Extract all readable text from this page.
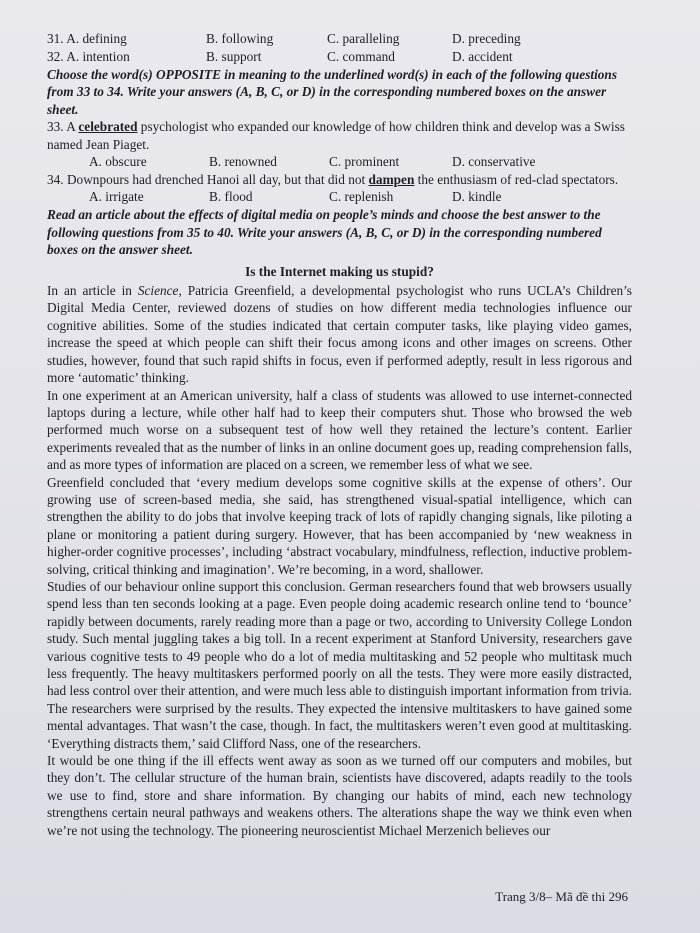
31. A. defining	B. following	C. paralleling	D. preceding
32. A. intention	B. support	C. command	D. accident

Choose the word(s) OPPOSITE in meaning to the underlined word(s) in each of the following questions from 33 to 34. Write your answers (A, B, C, or D) in the corresponding numbered boxes on the answer sheet.

33. A celebrated psychologist who expanded our knowledge of how children think and develop was a Swiss named Jean Piaget.

A. obscure	B. renowned	C. prominent	D. conservative

34. Downpours had drenched Hanoi all day, but that did not dampen the enthusiasm of red-clad spectators.

A. irrigate	B. flood	C. replenish	D. kindle

Read an article about the effects of digital media on people’s minds and choose the best answer to the following questions from 35 to 40. Write your answers (A, B, C, or D) in the corresponding numbered boxes on the answer sheet.

Is the Internet making us stupid?

In an article in Science, Patricia Greenfield, a developmental psychologist who runs UCLA’s Children’s Digital Media Center, reviewed dozens of studies on how different media technologies influence our cognitive abilities. Some of the studies indicated that certain computer tasks, like playing video games, increase the speed at which people can shift their focus among icons and other images on screens. Other studies, however, found that such rapid shifts in focus, even if performed adeptly, result in less rigorous and more ‘automatic’ thinking.

In one experiment at an American university, half a class of students was allowed to use internet-connected laptops during a lecture, while other half had to keep their computers shut. Those who browsed the web performed much worse on a subsequent test of how well they retained the lecture’s content. Earlier experiments revealed that as the number of links in an online document goes up, reading comprehension falls, and as more types of information are placed on a screen, we remember less of what we see.

Greenfield concluded that ‘every medium develops some cognitive skills at the expense of others’. Our growing use of screen-based media, she said, has strengthened visual-spatial intelligence, which can strengthen the ability to do jobs that involve keeping track of lots of rapidly changing signals, like piloting a plane or monitoring a patient during surgery. However, that has been accompanied by ‘new weakness in higher-order cognitive processes’, including ‘abstract vocabulary, mindfulness, reflection, inductive problem-solving, critical thinking and imagination’. We’re becoming, in a word, shallower.

Studies of our behaviour online support this conclusion. German researchers found that web browsers usually spend less than ten seconds looking at a page. Even people doing academic research online tend to ‘bounce’ rapidly between documents, rarely reading more than a page or two, according to University College London study. Such mental juggling takes a big toll. In a recent experiment at Stanford University, researchers gave various cognitive tests to 49 people who do a lot of media multitasking and 52 people who multitask much less frequently. The heavy multitaskers performed poorly on all the tests. They were more easily distracted, had less control over their attention, and were much less able to distinguish important information from trivia. The researchers were surprised by the results. They expected the intensive multitaskers to have gained some mental advantages. That wasn’t the case, though. In fact, the multitaskers weren’t even good at multitasking. ‘Everything distracts them,’ said Clifford Nass, one of the researchers.

It would be one thing if the ill effects went away as soon as we turned off our computers and mobiles, but they don’t. The cellular structure of the human brain, scientists have discovered, adapts readily to the tools we use to find, store and share information. By changing our habits of mind, each new technology strengthens certain neural pathways and weakens others. The alterations shape the way we think even when we’re not using the technology. The pioneering neuroscientist Michael Merzenich believes our

Trang 3/8– Mã đề thi 296
